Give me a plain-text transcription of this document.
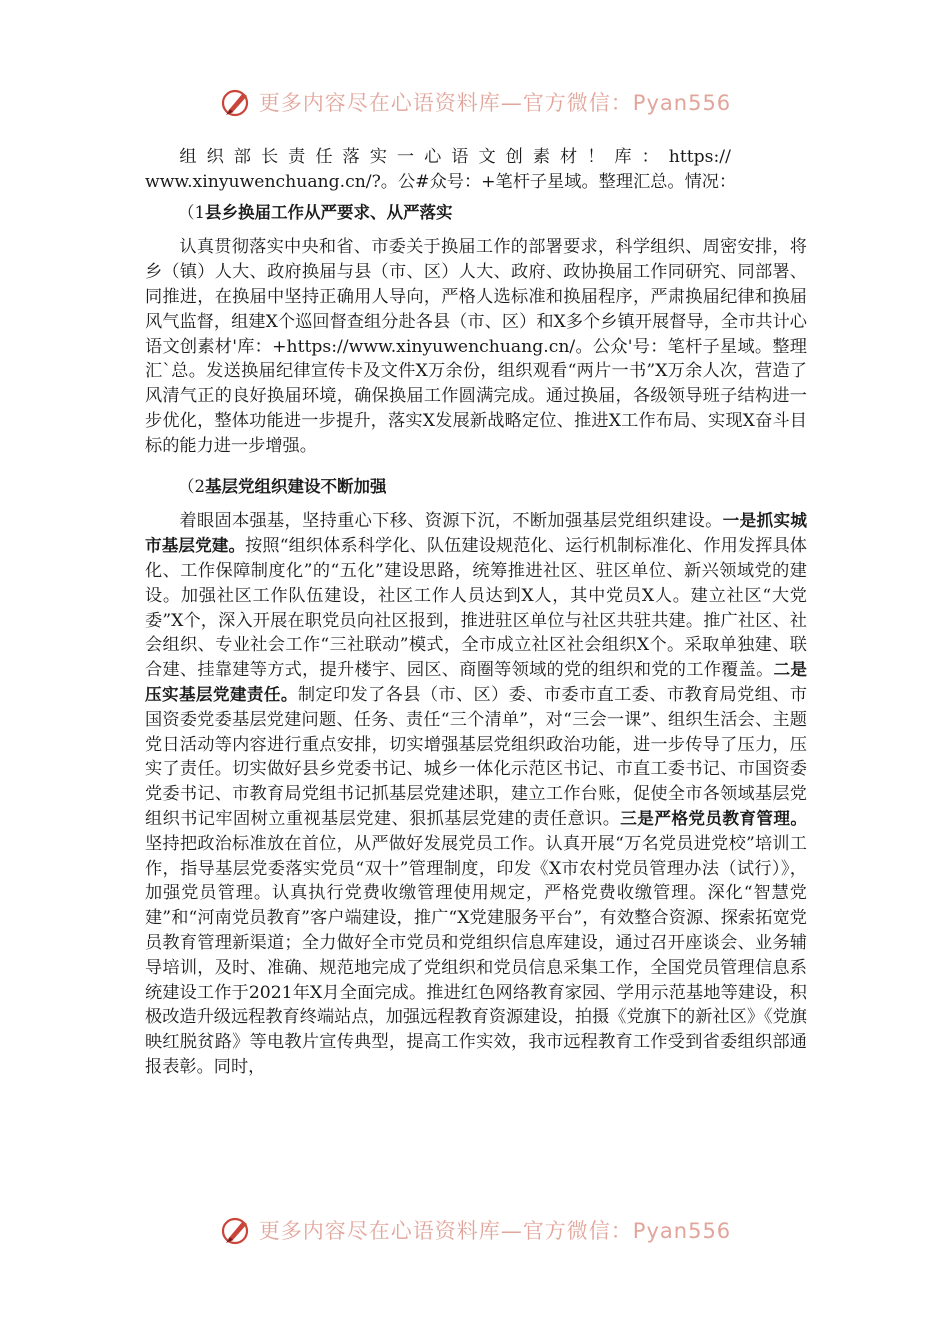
更多内容尽在心语资料库—官方微信：Pyan556

组织部长责任落实一心语文创素材！库：https://
www.xinyuwenchuang.cn/?。公#众号：+笔杆子星域。整理汇总。情况：

（1县乡换届工作从严要求、从严落实

认真贯彻落实中央和省、市委关于换届工作的部署要求，科学组织、周密安排，将乡（镇）人大、政府换届与县（市、区）人大、政府、政协换届工作同研究、同部署、同推进，在换届中坚持正确用人导向，严格人选标准和换届程序，严肃换届纪律和换届风气监督，组建X个巡回督查组分赴各县（市、区）和X多个乡镇开展督导，全市共计心语文创素材'库：+https://www.xinyuwenchuang.cn/。公众'号：笔杆子星域。整理汇`总。发送换届纪律宣传卡及文件X万余份，组织观看“两片一书”X万余人次，营造了风清气正的良好换届环境，确保换届工作圆满完成。通过换届，各级领导班子结构进一步优化，整体功能进一步提升，落实X发展新战略定位、推进X工作布局、实现X奋斗目标的能力进一步增强。

（2基层党组织建设不断加强

着眼固本强基，坚持重心下移、资源下沉，不断加强基层党组织建设。一是抓实城市基层党建。按照“组织体系科学化、队伍建设规范化、运行机制标准化、作用发挥具体化、工作保障制度化”的“五化”建设思路，统筹推进社区、驻区单位、新兴领域党的建设。加强社区工作队伍建设，社区工作人员达到X人，其中党员X人。建立社区“大党委”X个，深入开展在职党员向社区报到，推进驻区单位与社区共驻共建。推广社区、社会组织、专业社会工作“三社联动”模式，全市成立社区社会组织X个。采取单独建、联合建、挂靠建等方式，提升楼宇、园区、商圈等领域的党的组织和党的工作覆盖。二是压实基层党建责任。制定印发了各县（市、区）委、市委市直工委、市教育局党组、市国资委党委基层党建问题、任务、责任“三个清单”，对“三会一课”、组织生活会、主题党日活动等内容进行重点安排，切实增强基层党组织政治功能，进一步传导了压力，压实了责任。切实做好县乡党委书记、城乡一体化示范区书记、市直工委书记、市国资委党委书记、市教育局党组书记抓基层党建述职，建立工作台账，促使全市各领域基层党组织书记牢固树立重视基层党建、狠抓基层党建的责任意识。三是严格党员教育管理。坚持把政治标准放在首位，从严做好发展党员工作。认真开展“万名党员进党校”培训工作，指导基层党委落实党员“双十”管理制度，印发《X市农村党员管理办法（试行）》，加强党员管理。认真执行党费收缴管理使用规定，严格党费收缴管理。深化“智慧党建”和“河南党员教育”客户端建设，推广“X党建服务平台”，有效整合资源、探索拓宽党员教育管理新渠道；全力做好全市党员和党组织信息库建设，通过召开座谈会、业务辅导培训，及时、准确、规范地完成了党组织和党员信息采集工作，全国党员管理信息系统建设工作于2021年X月全面完成。推进红色网络教育家园、学用示范基地等建设，积极改造升级远程教育终端站点，加强远程教育资源建设，拍摄《党旗下的新社区》《党旗映红脱贫路》等电教片宣传典型，提高工作实效，我市远程教育工作受到省委组织部通报表彰。同时，

更多内容尽在心语资料库—官方微信：Pyan556
